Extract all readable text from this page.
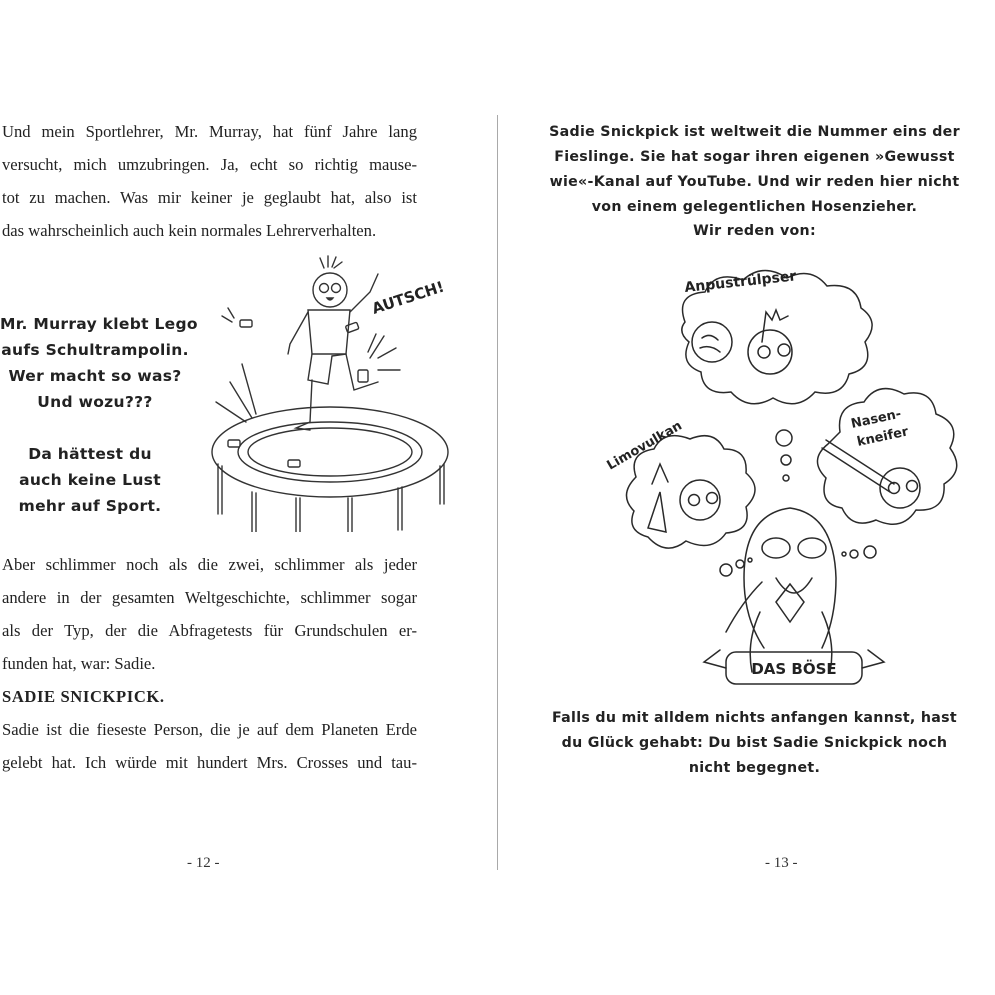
Und mein Sportlehrer, Mr. Murray, hat fünf Jahre lang
versucht, mich umzubringen. Ja, echt so richtig mause-
tot zu machen. Was mir keiner je geglaubt hat, also ist
das wahrscheinlich auch kein normales Lehrerverhalten.
Mr. Murray klebt Lego
aufs Schultrampolin.
Wer macht so was?
Und wozu???
Da hättest du
auch keine Lust
mehr auf Sport.
AUTSCH!
Aber schlimmer noch als die zwei, schlimmer als jeder
andere in der gesamten Weltgeschichte, schlimmer sogar
als der Typ, der die Abfragetests für Grundschulen er-
funden hat, war: Sadie.
SADIE SNICKPICK.
Sadie ist die fieseste Person, die je auf dem Planeten Erde
gelebt hat. Ich würde mit hundert Mrs. Crosses und tau-
- 12 -
Sadie Snickpick ist weltweit die Nummer eins der
Fieslinge. Sie hat sogar ihren eigenen »Gewusst
wie«-Kanal auf YouTube. Und wir reden hier nicht
von einem gelegentlichen Hosenzieher.
Wir reden von:
Anpustrülpser
Limovulkan	Nasen-
kneifer
DAS BÖSE
Falls du mit alldem nichts anfangen kannst, hast
du Glück gehabt: Du bist Sadie Snickpick noch
nicht begegnet.
- 13 -
